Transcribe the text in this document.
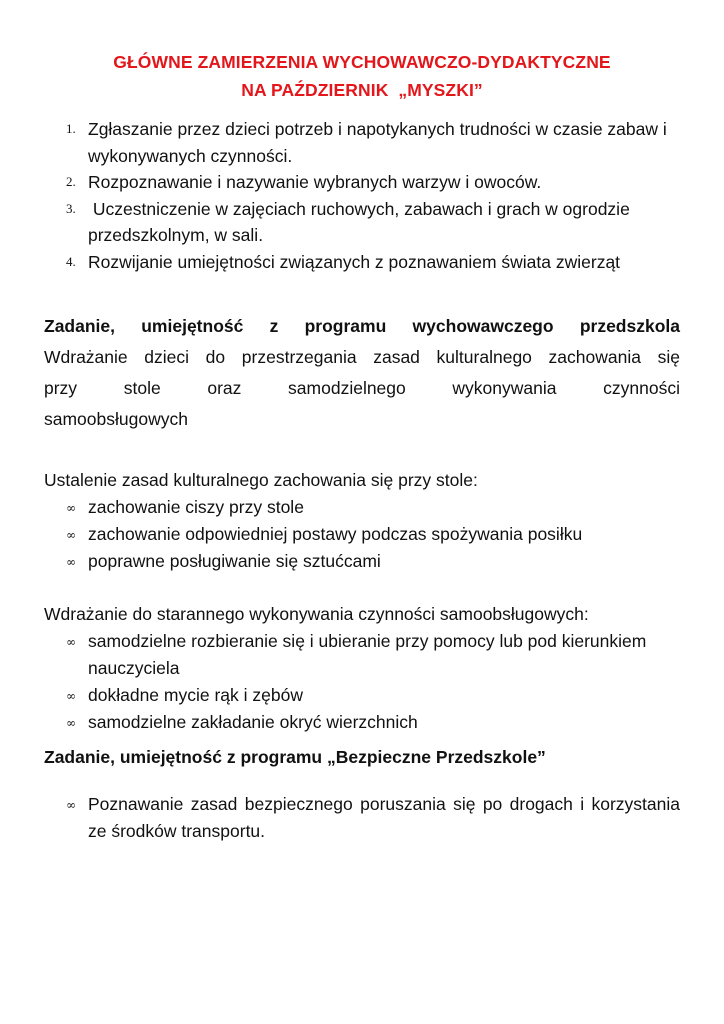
GŁÓWNE ZAMIERZENIA WYCHOWAWCZO-DYDAKTYCZNE
NA PAŹDZIERNIK  „MYSZKI”
1. Zgłaszanie przez dzieci potrzeb i napotykanych trudności w czasie zabaw i wykonywanych czynności.
2. Rozpoznawanie i nazywanie wybranych warzyw i owoców.
3. Uczestniczenie w zajęciach ruchowych, zabawach i grach w ogrodzie przedszkolnym, w sali.
4. Rozwijanie umiejętności związanych z poznawaniem świata zwierząt
Zadanie, umiejętność z programu wychowawczego przedszkola
Wdrażanie dzieci do przestrzegania zasad kulturalnego zachowania się
przy stole oraz samodzielnego wykonywania czynności
samoobsługowych
Ustalenie zasad kulturalnego zachowania się przy stole:
∞ zachowanie ciszy przy stole
∞ zachowanie odpowiedniej postawy podczas spożywania posiłku
∞ poprawne posługiwanie się sztućcami
Wdrażanie do starannego wykonywania czynności samoobsługowych:
∞ samodzielne rozbieranie się i ubieranie przy pomocy lub pod kierunkiem nauczyciela
∞ dokładne mycie rąk i zębów
∞ samodzielne zakładanie okryć wierzchnich
Zadanie, umiejętność z programu „Bezpieczne Przedszkole”
∞ Poznawanie zasad bezpiecznego poruszania się po drogach i korzystania ze środków transportu.
